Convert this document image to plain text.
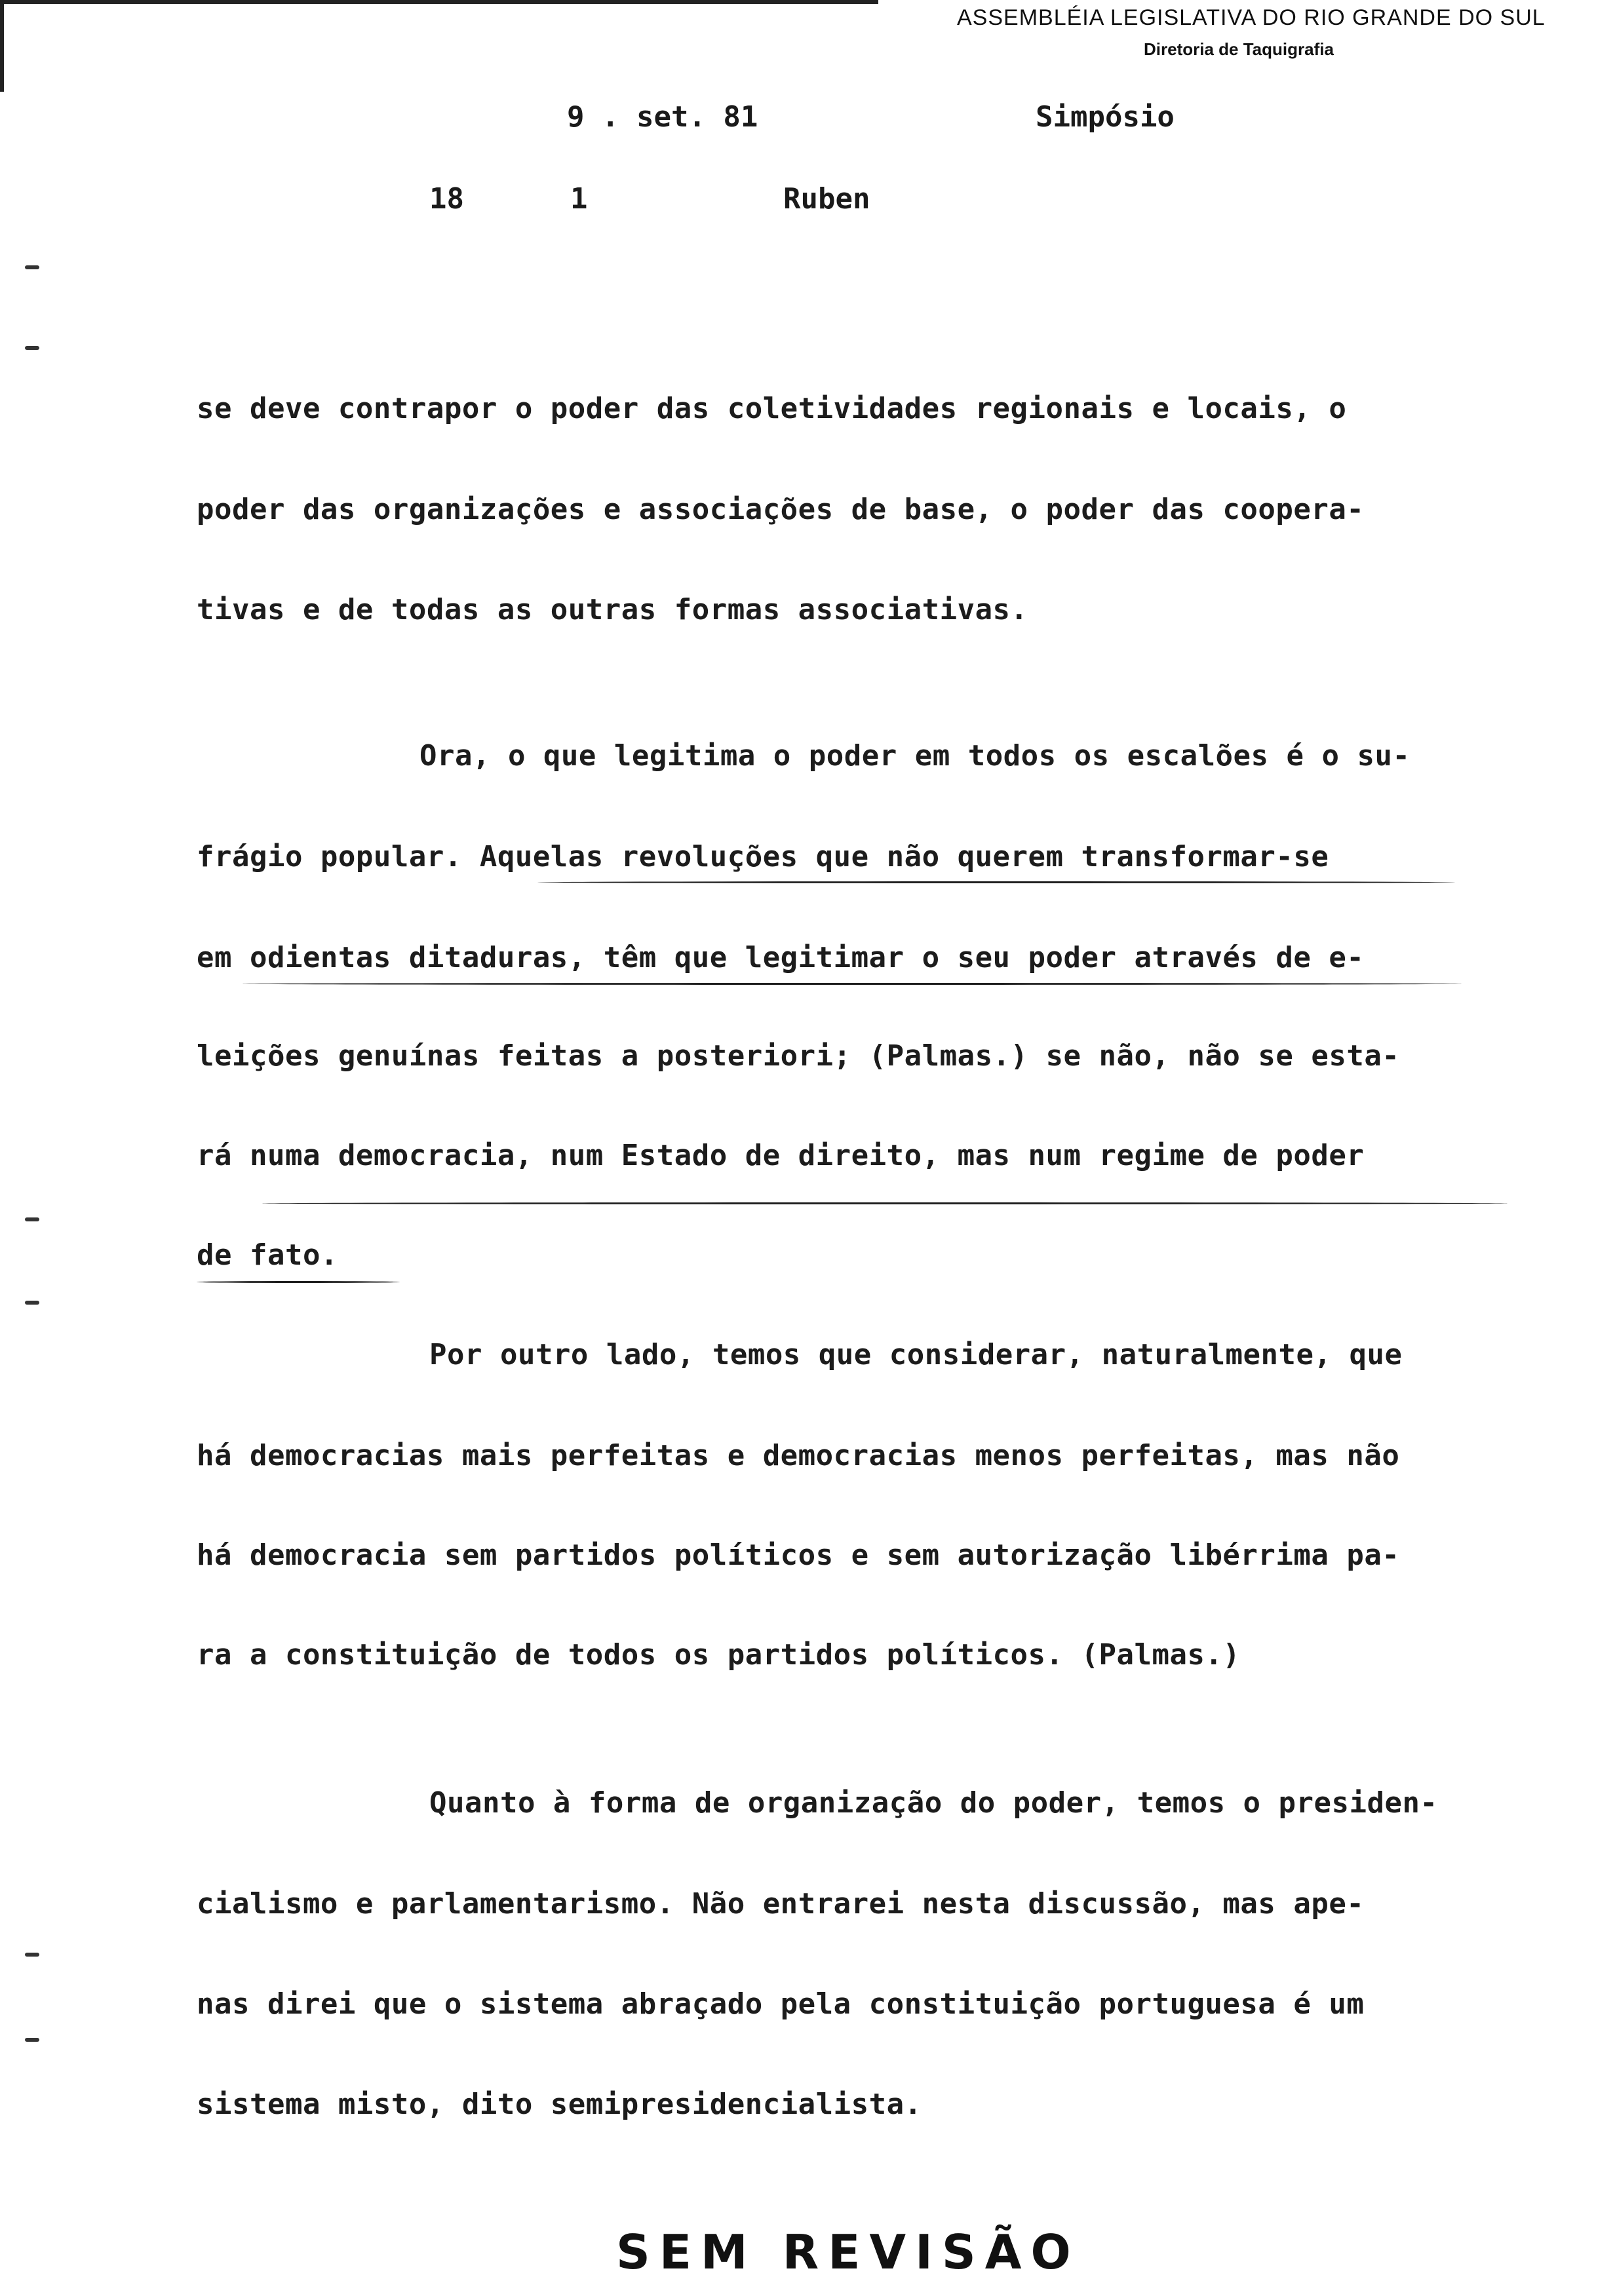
ASSEMBLÉIA LEGISLATIVA DO RIO GRANDE DO SUL
Diretoria de Taquigrafia
9 . set. 81	Simpósio
18	1	Ruben
se deve contrapor o poder das coletividades regionais e locais, o
poder das organizações e associações de base, o poder das coopera-
tivas e de todas as outras formas associativas.
Ora, o que legitima o poder em todos os escalões é o su-
frágio popular. Aquelas revoluções que não querem transformar-se
em odientas ditaduras, têm que legitimar o seu poder através de e-
leições genuínas feitas a posteriori; (Palmas.) se não, não se esta-
rá numa democracia, num Estado de direito, mas num regime de poder
de fato.
Por outro lado, temos que considerar, naturalmente, que
há democracias mais perfeitas e democracias menos perfeitas, mas não
há democracia sem partidos políticos e sem autorização libérrima pa-
ra a constituição de todos os partidos políticos. (Palmas.)
Quanto à forma de organização do poder, temos o presiden-
cialismo e parlamentarismo. Não entrarei nesta discussão, mas ape-
nas direi que o sistema abraçado pela constituição portuguesa é um
sistema misto, dito semipresidencialista.
SEM REVISÃO
